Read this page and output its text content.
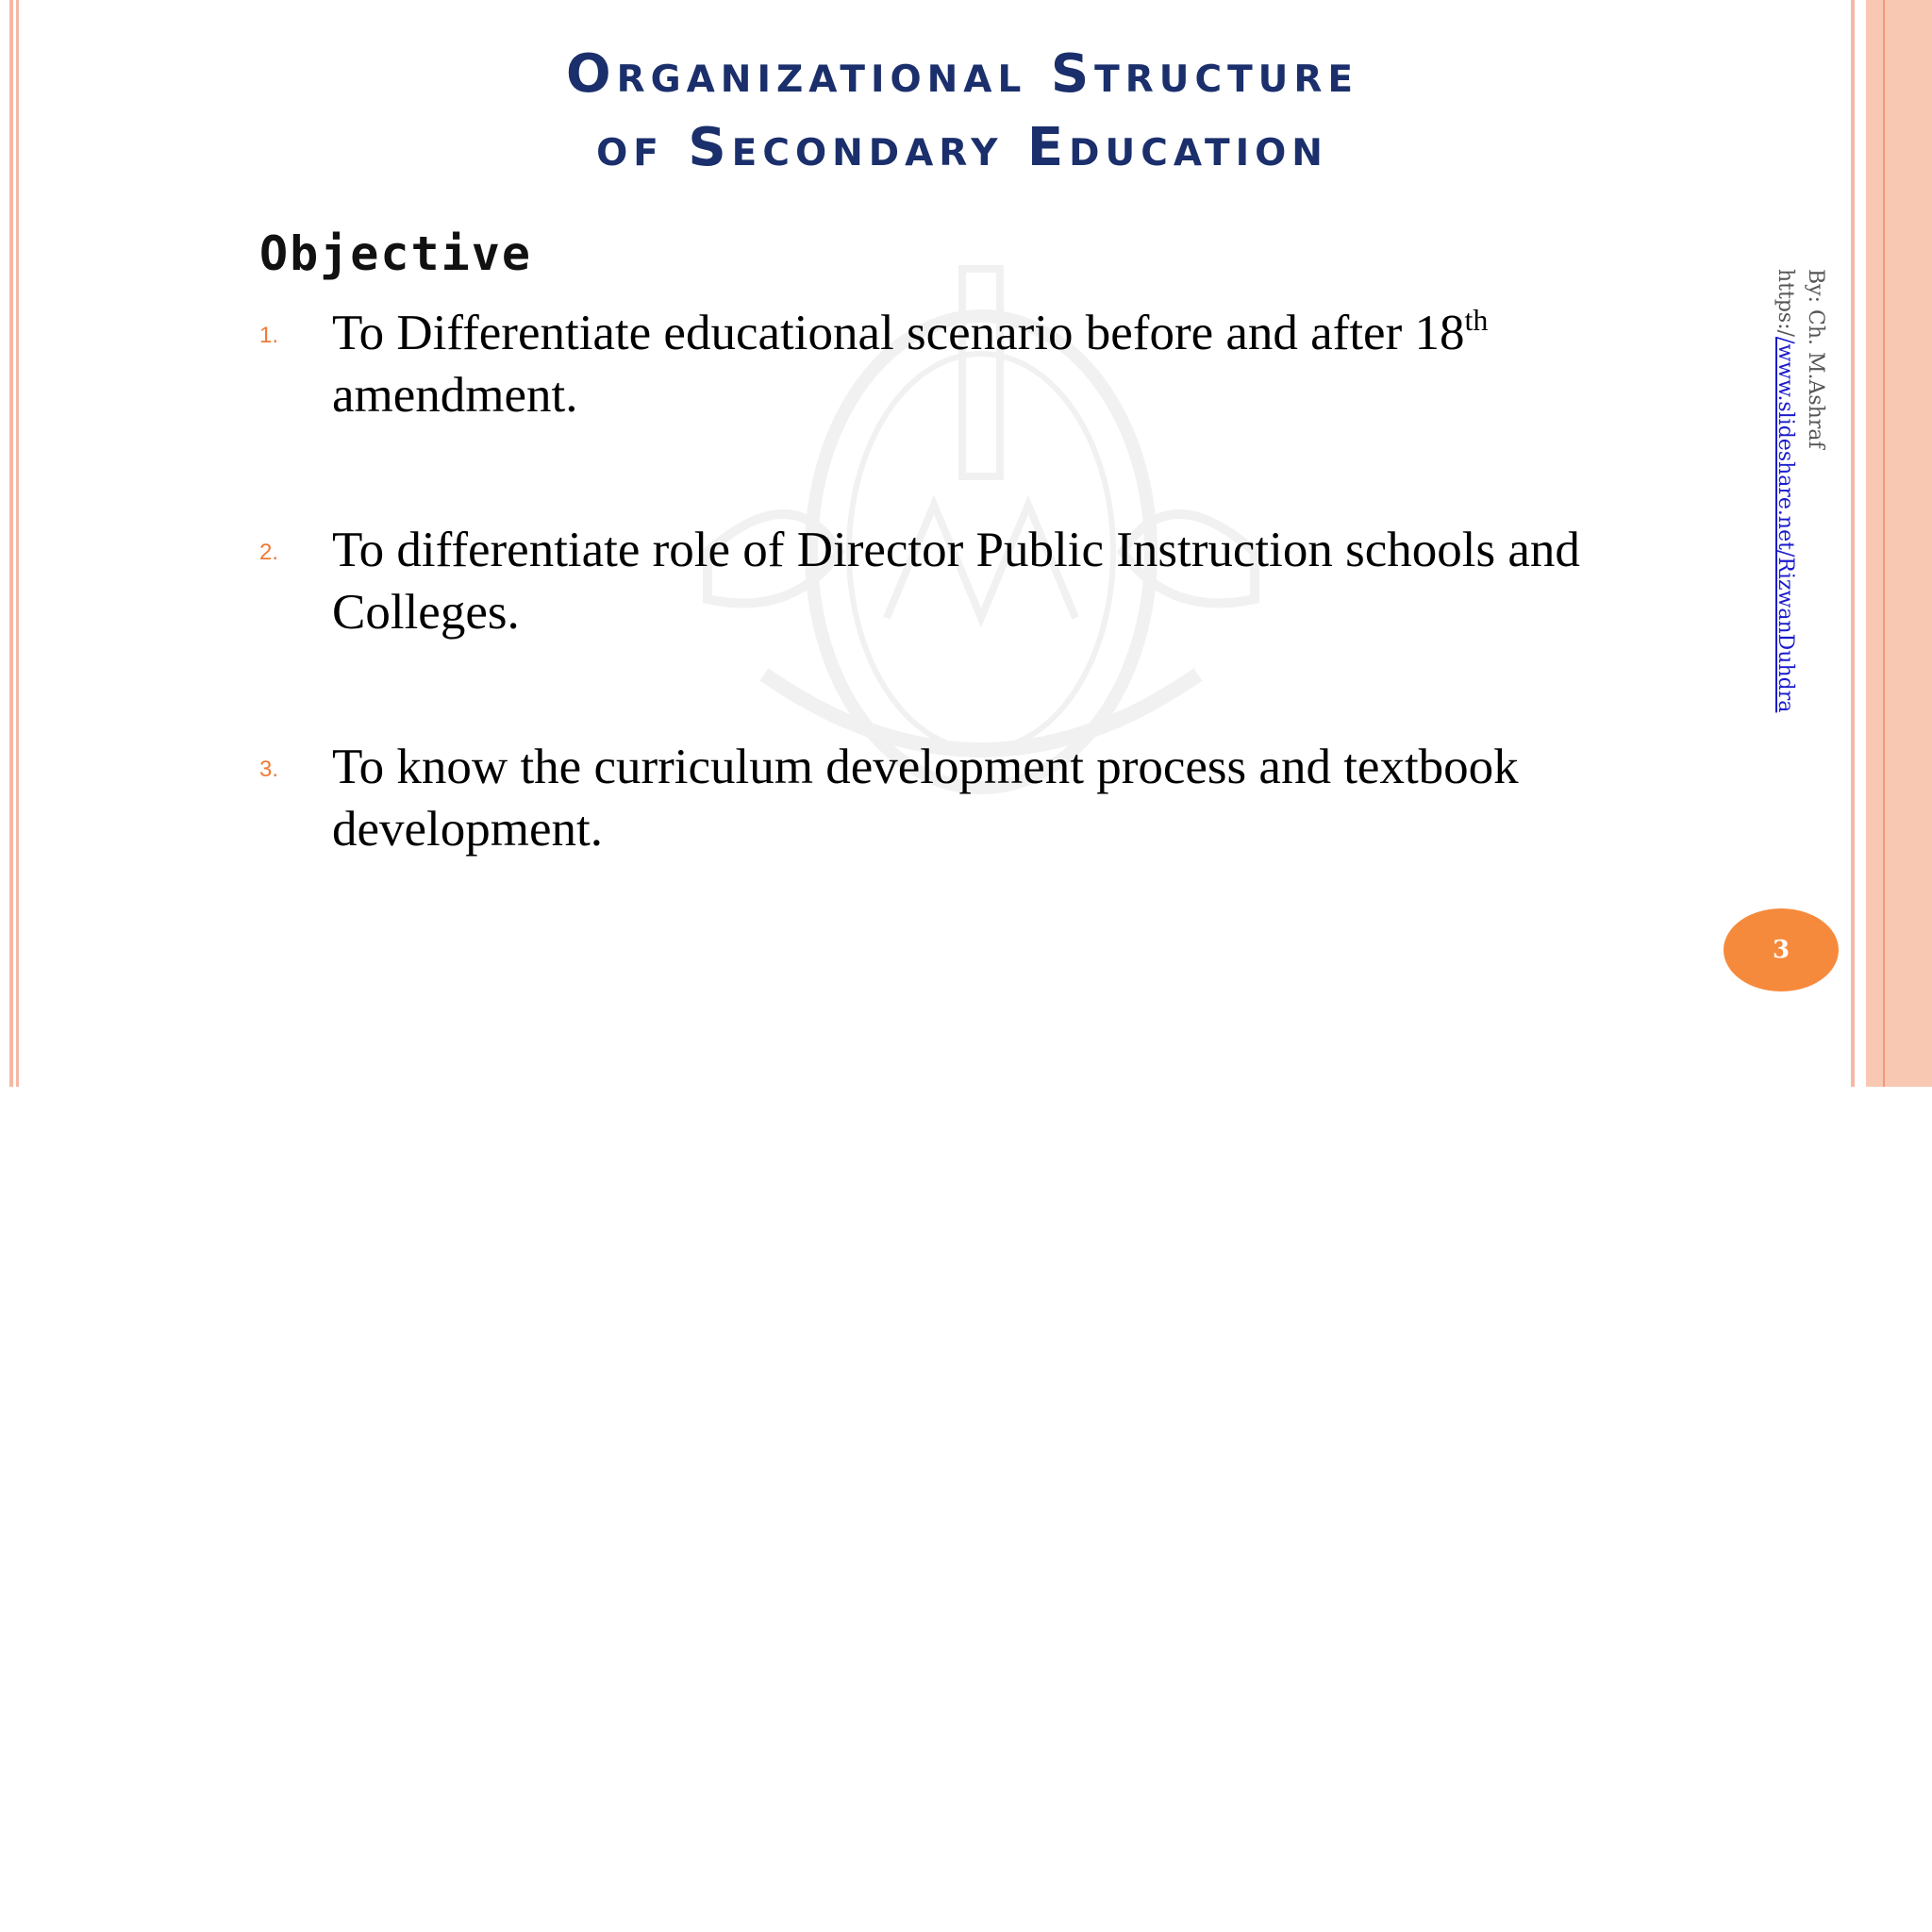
Organizational Structure
of Secondary Education
Objective
1. To Differentiate educational scenario before and after 18th
amendment.
2. To differentiate role of Director Public Instruction schools and Colleges.
3. To know the curriculum development process and textbook development.
By: Ch. M.Ashraf
https://www.slideshare.net/RizwanDuhdra
3
